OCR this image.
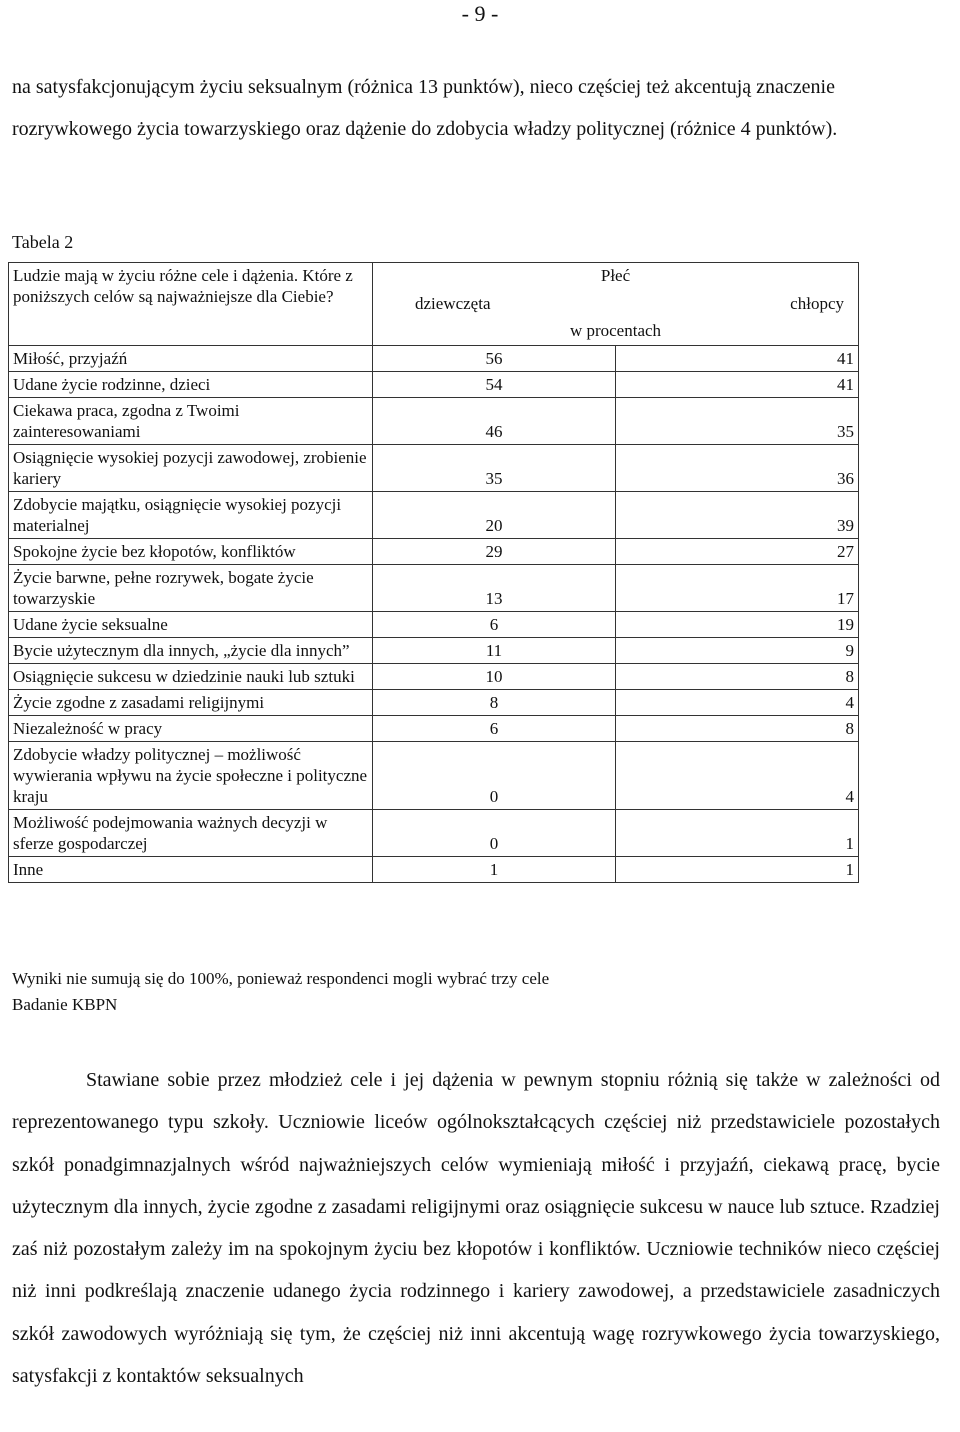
- 9 -

na satysfakcjonującym życiu seksualnym (różnica 13 punktów), nieco częściej też akcentują znaczenie rozrywkowego życia towarzyskiego oraz dążenie do zdobycia władzy politycznej (różnice 4 punktów).

Tabela 2

Ludzie mają w życiu różne cele i dążenia. Które z poniższych celów są najważniejsze dla Ciebie?	Płeć
dziewczęta chłopcy
w procentach	

Miłość, przyjaźń	56	41
Udane życie rodzinne, dzieci	54	41
Ciekawa praca, zgodna z Twoimi zainteresowaniami	46	35
Osiągnięcie wysokiej pozycji zawodowej, zrobienie kariery	35	36
Zdobycie majątku, osiągnięcie wysokiej pozycji materialnej	20	39
Spokojne życie bez kłopotów, konfliktów	29	27
Życie barwne, pełne rozrywek, bogate życie towarzyskie	13	17
Udane życie seksualne	6	19
Bycie użytecznym dla innych, „życie dla innych”	11	9
Osiągnięcie sukcesu w dziedzinie nauki lub sztuki	10	8
Życie zgodne z zasadami religijnymi	8	4
Niezależność w pracy	6	8
Zdobycie władzy politycznej – możliwość wywierania wpływu na życie społeczne i polityczne kraju	0	4
Możliwość podejmowania ważnych decyzji w sferze gospodarczej	0	1
Inne	1	1

Wyniki nie sumują się do 100%, ponieważ respondenci mogli wybrać trzy cele
Badanie KBPN

Stawiane sobie przez młodzież cele i jej dążenia w pewnym stopniu różnią się także w zależności od reprezentowanego typu szkoły. Uczniowie liceów ogólnokształcących częściej niż przedstawiciele pozostałych szkół ponadgimnazjalnych wśród najważniejszych celów wymieniają miłość i przyjaźń, ciekawą pracę, bycie użytecznym dla innych, życie zgodne z zasadami religijnymi oraz osiągnięcie sukcesu w nauce lub sztuce. Rzadziej zaś niż pozostałym zależy im na spokojnym życiu bez kłopotów i konfliktów. Uczniowie techników nieco częściej niż inni podkreślają znaczenie udanego życia rodzinnego i kariery zawodowej, a przedstawiciele zasadniczych szkół zawodowych wyróżniają się tym, że częściej niż inni akcentują wagę rozrywkowego życia towarzyskiego, satysfakcji z kontaktów seksualnych
